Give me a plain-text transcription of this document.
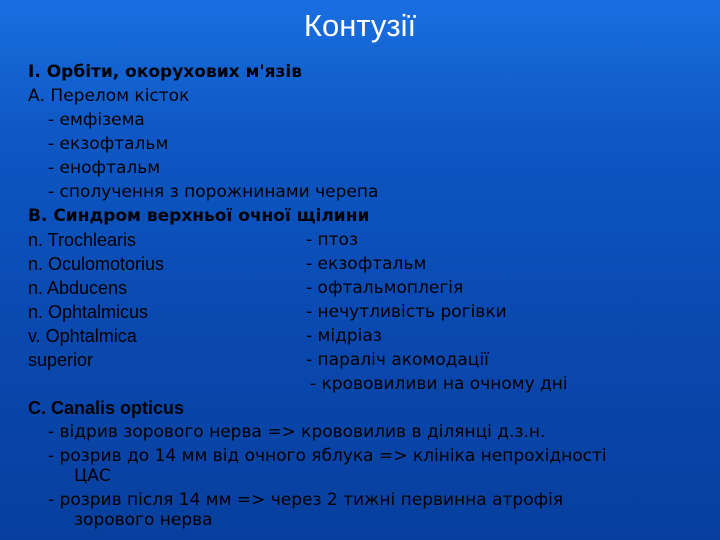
Контузії
І. Орбіти, окорухових м'язів
А. Перелом кісток
- емфізема
- екзофтальм
- енофтальм
- сполучення з порожнинами черепа
В. Синдром верхньої очної щілини
n. Trochlearis
n. Oculomotorius
n. Abducens
n. Ophtalmicus
v. Ophtalmica
superior
- птоз
- екзофтальм
- офтальмоплегія
- нечутливість рогівки
- мідріаз
- параліч акомодації
- крововиливи на очному дні
С. Canalis opticus
- відрив зорового нерва => крововилив в ділянці д.з.н.
- розрив до 14 мм від очного яблука => клініка непрохідності
ЦАС
- розрив після 14 мм => через 2 тижні первинна атрофія
зорового нерва
